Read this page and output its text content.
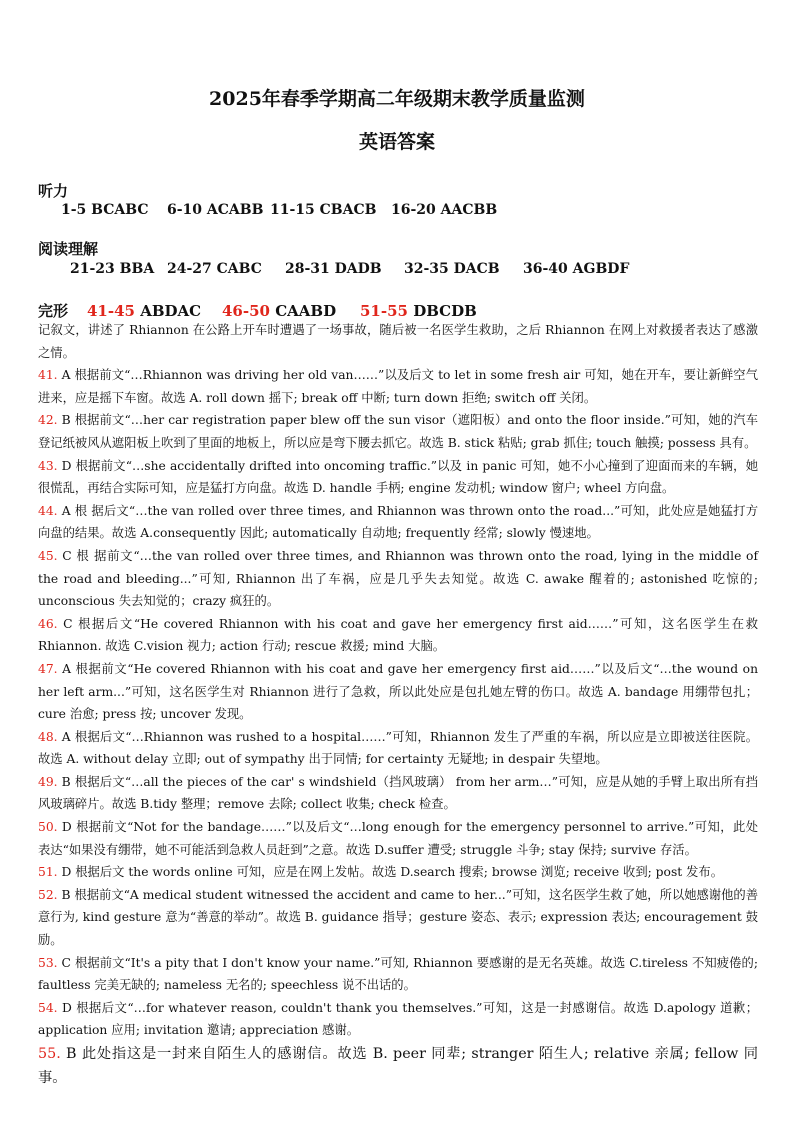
2025年春季学期高二年级期末教学质量监测
英语答案
听力
1-5 BCABC 6-10 ACABB 11-15 CBACB 16-20 AACBB
阅读理解
21-23 BBA 24-27 CABC 28-31 DADB 32-35 DACB 36-40 AGBDF
完形 41-45 ABDAC 46-50 CAABD 51-55 DBCDB

记叙文，讲述了 Rhiannon 在公路上开车时遭遇了一场事故，随后被一名医学生救助，之后 Rhiannon 在网上对救援者表达了感激之情。

41. A 根据前文“…Rhiannon was driving her old van……”以及后文 to let in some fresh air 可知，她在开车，要让新鲜空气进来，应是摇下车窗。故选 A. roll down 摇下; break off 中断; turn down 拒绝; switch off 关闭。

42. B 根据前文“…her car registration paper blew off the sun visor（遮阳板）and onto the floor inside.”可知，她的汽车登记纸被风从遮阳板上吹到了里面的地板上，所以应是弯下腰去抓它。故选 B. stick 粘贴; grab 抓住; touch 触摸; possess 具有。

43. D 根据前文“…she accidentally drifted into oncoming traffic.”以及 in panic 可知，她不小心撞到了迎面而来的车辆，她很慌乱，再结合实际可知，应是猛打方向盘。故选 D. handle 手柄; engine 发动机; window 窗户; wheel 方向盘。

44. A 根 据后文“…the van rolled over three times, and Rhiannon was thrown onto the road...”可知，此处应是她猛打方向盘的结果。故选 A.consequently 因此; automatically 自动地; frequently 经常; slowly 慢速地。

45. C 根 据前文“…the van rolled over three times, and Rhiannon was thrown onto the road, lying in the middle of the road and bleeding...”可知, Rhiannon 出了车祸，应是几乎失去知觉。故选 C. awake 醒着的; astonished 吃惊的; unconscious 失去知觉的；crazy 疯狂的。

46. C 根据后文“He covered Rhiannon with his coat and gave her emergency first aid……”可知，这名医学生在救 Rhiannon. 故选 C.vision 视力; action 行动; rescue 救援; mind 大脑。

47. A 根据前文“He covered Rhiannon with his coat and gave her emergency first aid……”以及后文“…the wound on her left arm...”可知，这名医学生对 Rhiannon 进行了急救，所以此处应是包扎她左臂的伤口。故选 A. bandage 用绷带包扎；cure 治愈; press 按; uncover 发现。

48. A 根据后文“…Rhiannon was rushed to a hospital……”可知，Rhiannon 发生了严重的车祸，所以应是立即被送往医院。故选 A. without delay 立即; out of sympathy 出于同情; for certainty 无疑地; in despair 失望地。

49. B 根据后文“…all the pieces of the car' s windshield（挡风玻璃） from her arm…”可知，应是从她的手臂上取出所有挡风玻璃碎片。故选 B.tidy 整理；remove 去除; collect 收集; check 检查。

50. D 根据前文“Not for the bandage……”以及后文“…long enough for the emergency personnel to arrive.”可知，此处表达“如果没有绷带，她不可能活到急救人员赶到”之意。故选 D.suffer 遭受; struggle 斗争; stay 保持; survive 存活。

51. D 根据后文 the words online 可知，应是在网上发帖。故选 D.search 搜索; browse 浏览; receive 收到; post 发布。

52. B 根据前文“A medical student witnessed the accident and came to her...”可知，这名医学生救了她，所以她感谢他的善意行为, kind gesture 意为“善意的举动”。故选 B. guidance 指导；gesture 姿态、表示; expression 表达; encouragement 鼓励。

53. C 根据前文“It's a pity that I don't know your name.”可知, Rhiannon 要感谢的是无名英雄。故选 C.tireless 不知疲倦的; faultless 完美无缺的; nameless 无名的; speechless 说不出话的。

54. D 根据后文“…for whatever reason, couldn't thank you themselves.”可知，这是一封感谢信。故选 D.apology 道歉；application 应用; invitation 邀请; appreciation 感谢。

55. B 此处指这是一封来自陌生人的感谢信。故选 B. peer 同辈; stranger 陌生人; relative 亲属; fellow 同事。
